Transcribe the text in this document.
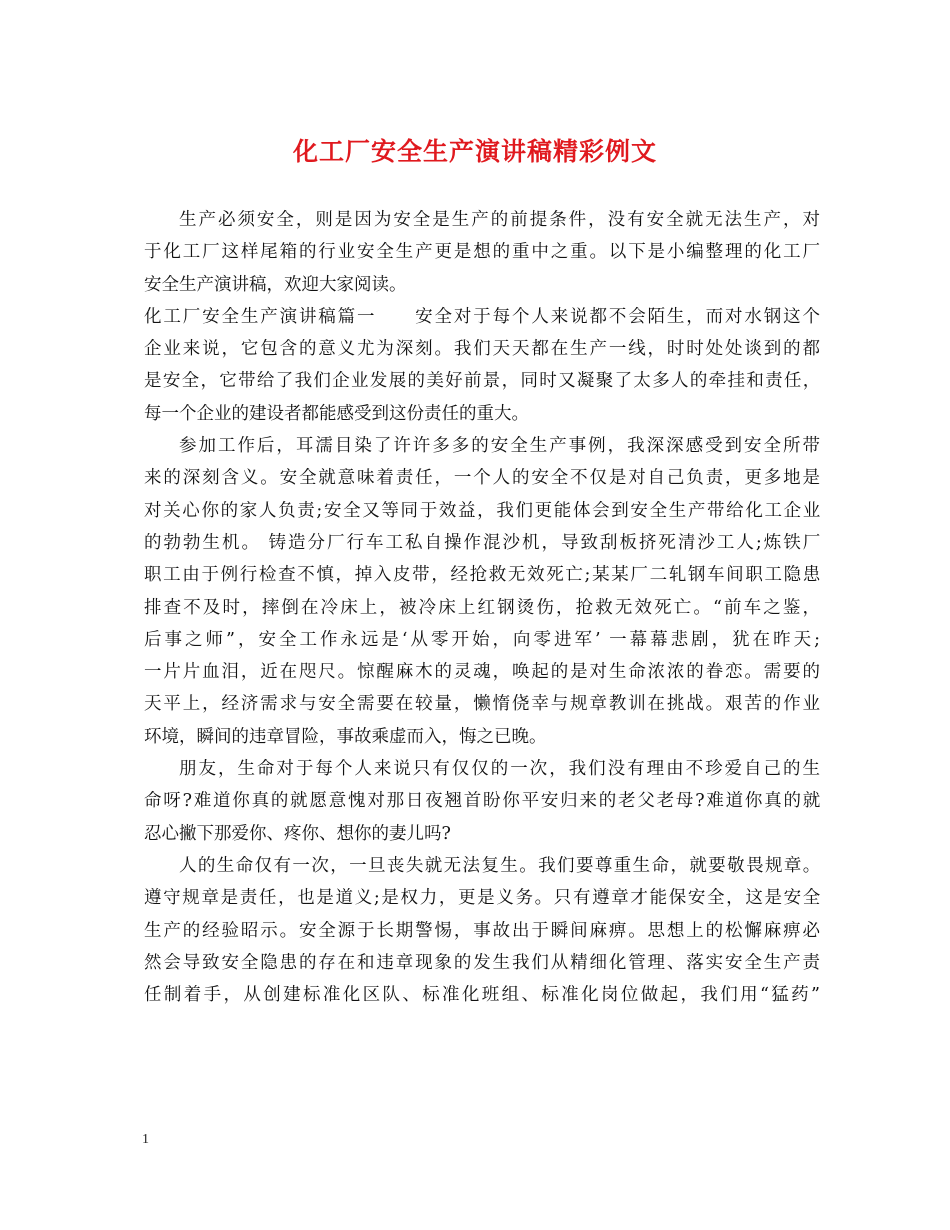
化工厂安全生产演讲稿精彩例文
生产必须安全，则是因为安全是生产的前提条件，没有安全就无法生产，对
于化工厂这样尾箱的行业安全生产更是想的重中之重。以下是小编整理的化工厂
安全生产演讲稿，欢迎大家阅读。
化工厂安全生产演讲稿篇一　　安全对于每个人来说都不会陌生，而对水钢这个
企业来说，它包含的意义尤为深刻。我们天天都在生产一线，时时处处谈到的都
是安全，它带给了我们企业发展的美好前景，同时又凝聚了太多人的牵挂和责任，
每一个企业的建设者都能感受到这份责任的重大。
参加工作后，耳濡目染了许许多多的安全生产事例，我深深感受到安全所带
来的深刻含义。安全就意味着责任，一个人的安全不仅是对自己负责，更多地是
对关心你的家人负责;安全又等同于效益，我们更能体会到安全生产带给化工企业
的勃勃生机。 铸造分厂行车工私自操作混沙机，导致刮板挤死清沙工人;炼铁厂
职工由于例行检查不慎，掉入皮带，经抢救无效死亡;某某厂二轧钢车间职工隐患
排查不及时，摔倒在冷床上，被冷床上红钢烫伤，抢救无效死亡。“前车之鉴，
后事之师”，安全工作永远是‘从零开始，向零进军’ 一幕幕悲剧，犹在昨天;
一片片血泪，近在咫尺。惊醒麻木的灵魂，唤起的是对生命浓浓的眷恋。需要的
天平上，经济需求与安全需要在较量，懒惰侥幸与规章教训在挑战。艰苦的作业
环境，瞬间的违章冒险，事故乘虚而入，悔之已晚。
朋友，生命对于每个人来说只有仅仅的一次，我们没有理由不珍爱自己的生
命呀?难道你真的就愿意愧对那日夜翘首盼你平安归来的老父老母?难道你真的就
忍心撇下那爱你、疼你、想你的妻儿吗?
人的生命仅有一次，一旦丧失就无法复生。我们要尊重生命，就要敬畏规章。
遵守规章是责任，也是道义;是权力，更是义务。只有遵章才能保安全，这是安全
生产的经验昭示。安全源于长期警惕，事故出于瞬间麻痹。思想上的松懈麻痹必
然会导致安全隐患的存在和违章现象的发生我们从精细化管理、落实安全生产责
任制着手，从创建标准化区队、标准化班组、标准化岗位做起，我们用“猛药”
1
